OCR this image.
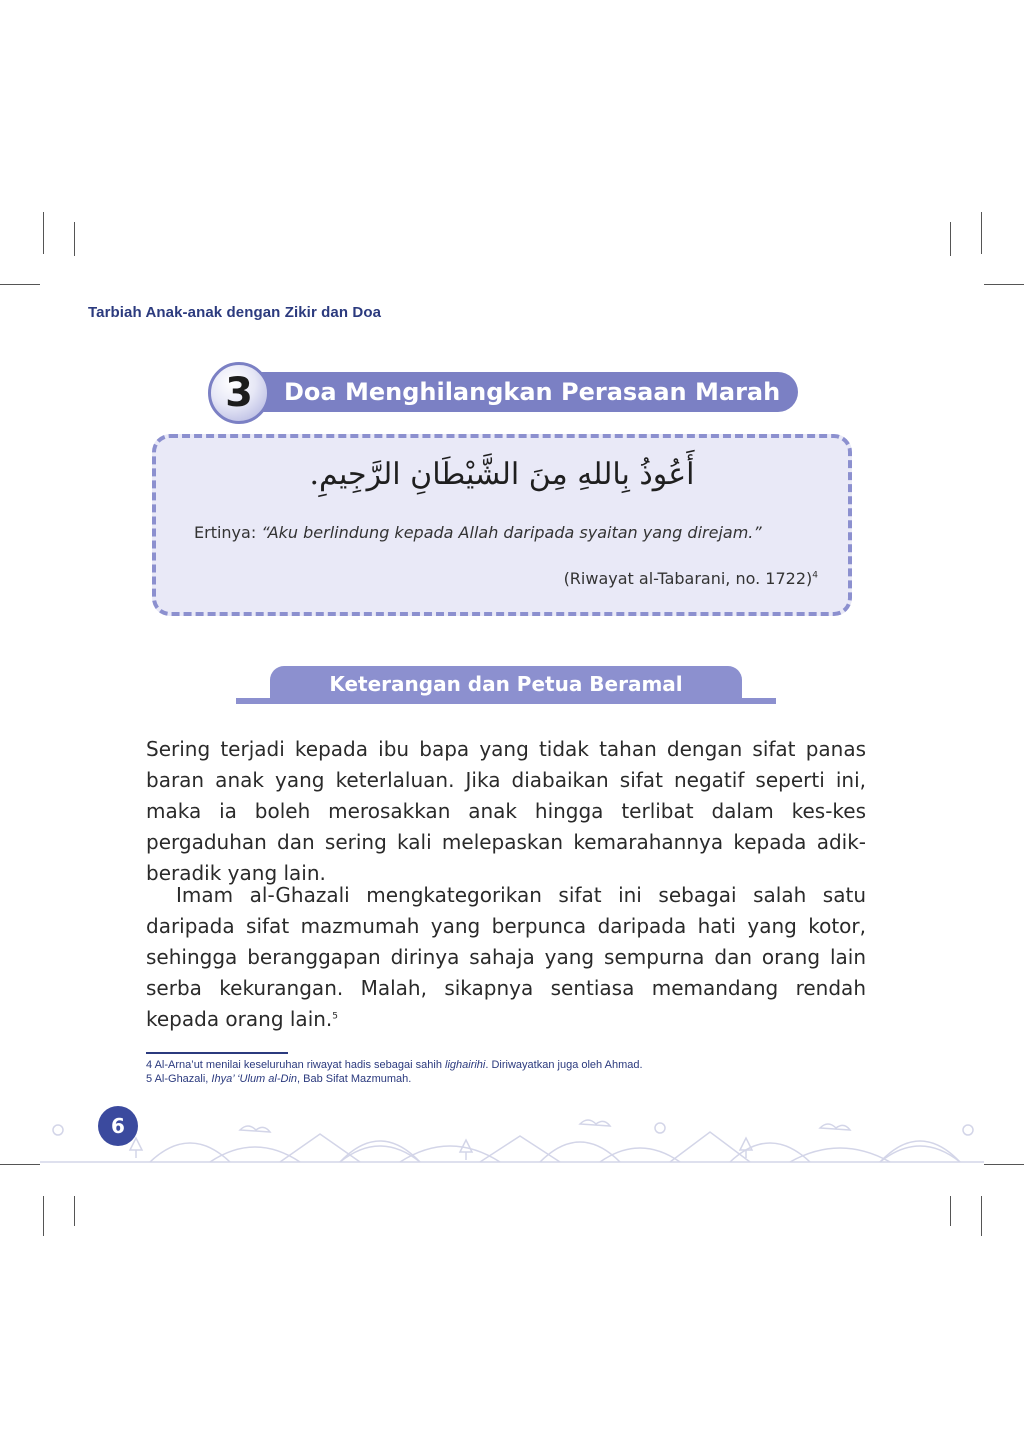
Tarbiah Anak-anak dengan Zikir dan Doa
Doa Menghilangkan Perasaan Marah
3
أَعُوذُ بِاللهِ مِنَ الشَّيْطَانِ الرَّجِيمِ.
Ertinya: “Aku berlindung kepada Allah daripada syaitan yang direjam.”
(Riwayat al-Tabarani, no. 1722)$^4$
Keterangan dan Petua Beramal

Sering terjadi kepada ibu bapa yang tidak tahan dengan sifat panas baran anak yang keterlaluan. Jika diabaikan sifat negatif seperti ini, maka ia boleh merosakkan anak hingga terlibat dalam kes-kes pergaduhan dan sering kali melepaskan kemarahannya kepada adik-beradik yang lain.

Imam al-Ghazali mengkategorikan sifat ini sebagai salah satu daripada sifat mazmumah yang berpunca daripada hati yang kotor, sehingga beranggapan dirinya sahaja yang sempurna dan orang lain serba kekurangan. Malah, sikapnya sentiasa memandang rendah kepada orang lain.$^5$

4 Al-Arna’ut menilai keseluruhan riwayat hadis sebagai sahih lighairihi. Diriwayatkan juga oleh Ahmad.
5 Al-Ghazali, Ihya’ ‘Ulum al-Din, Bab Sifat Mazmumah.
6
